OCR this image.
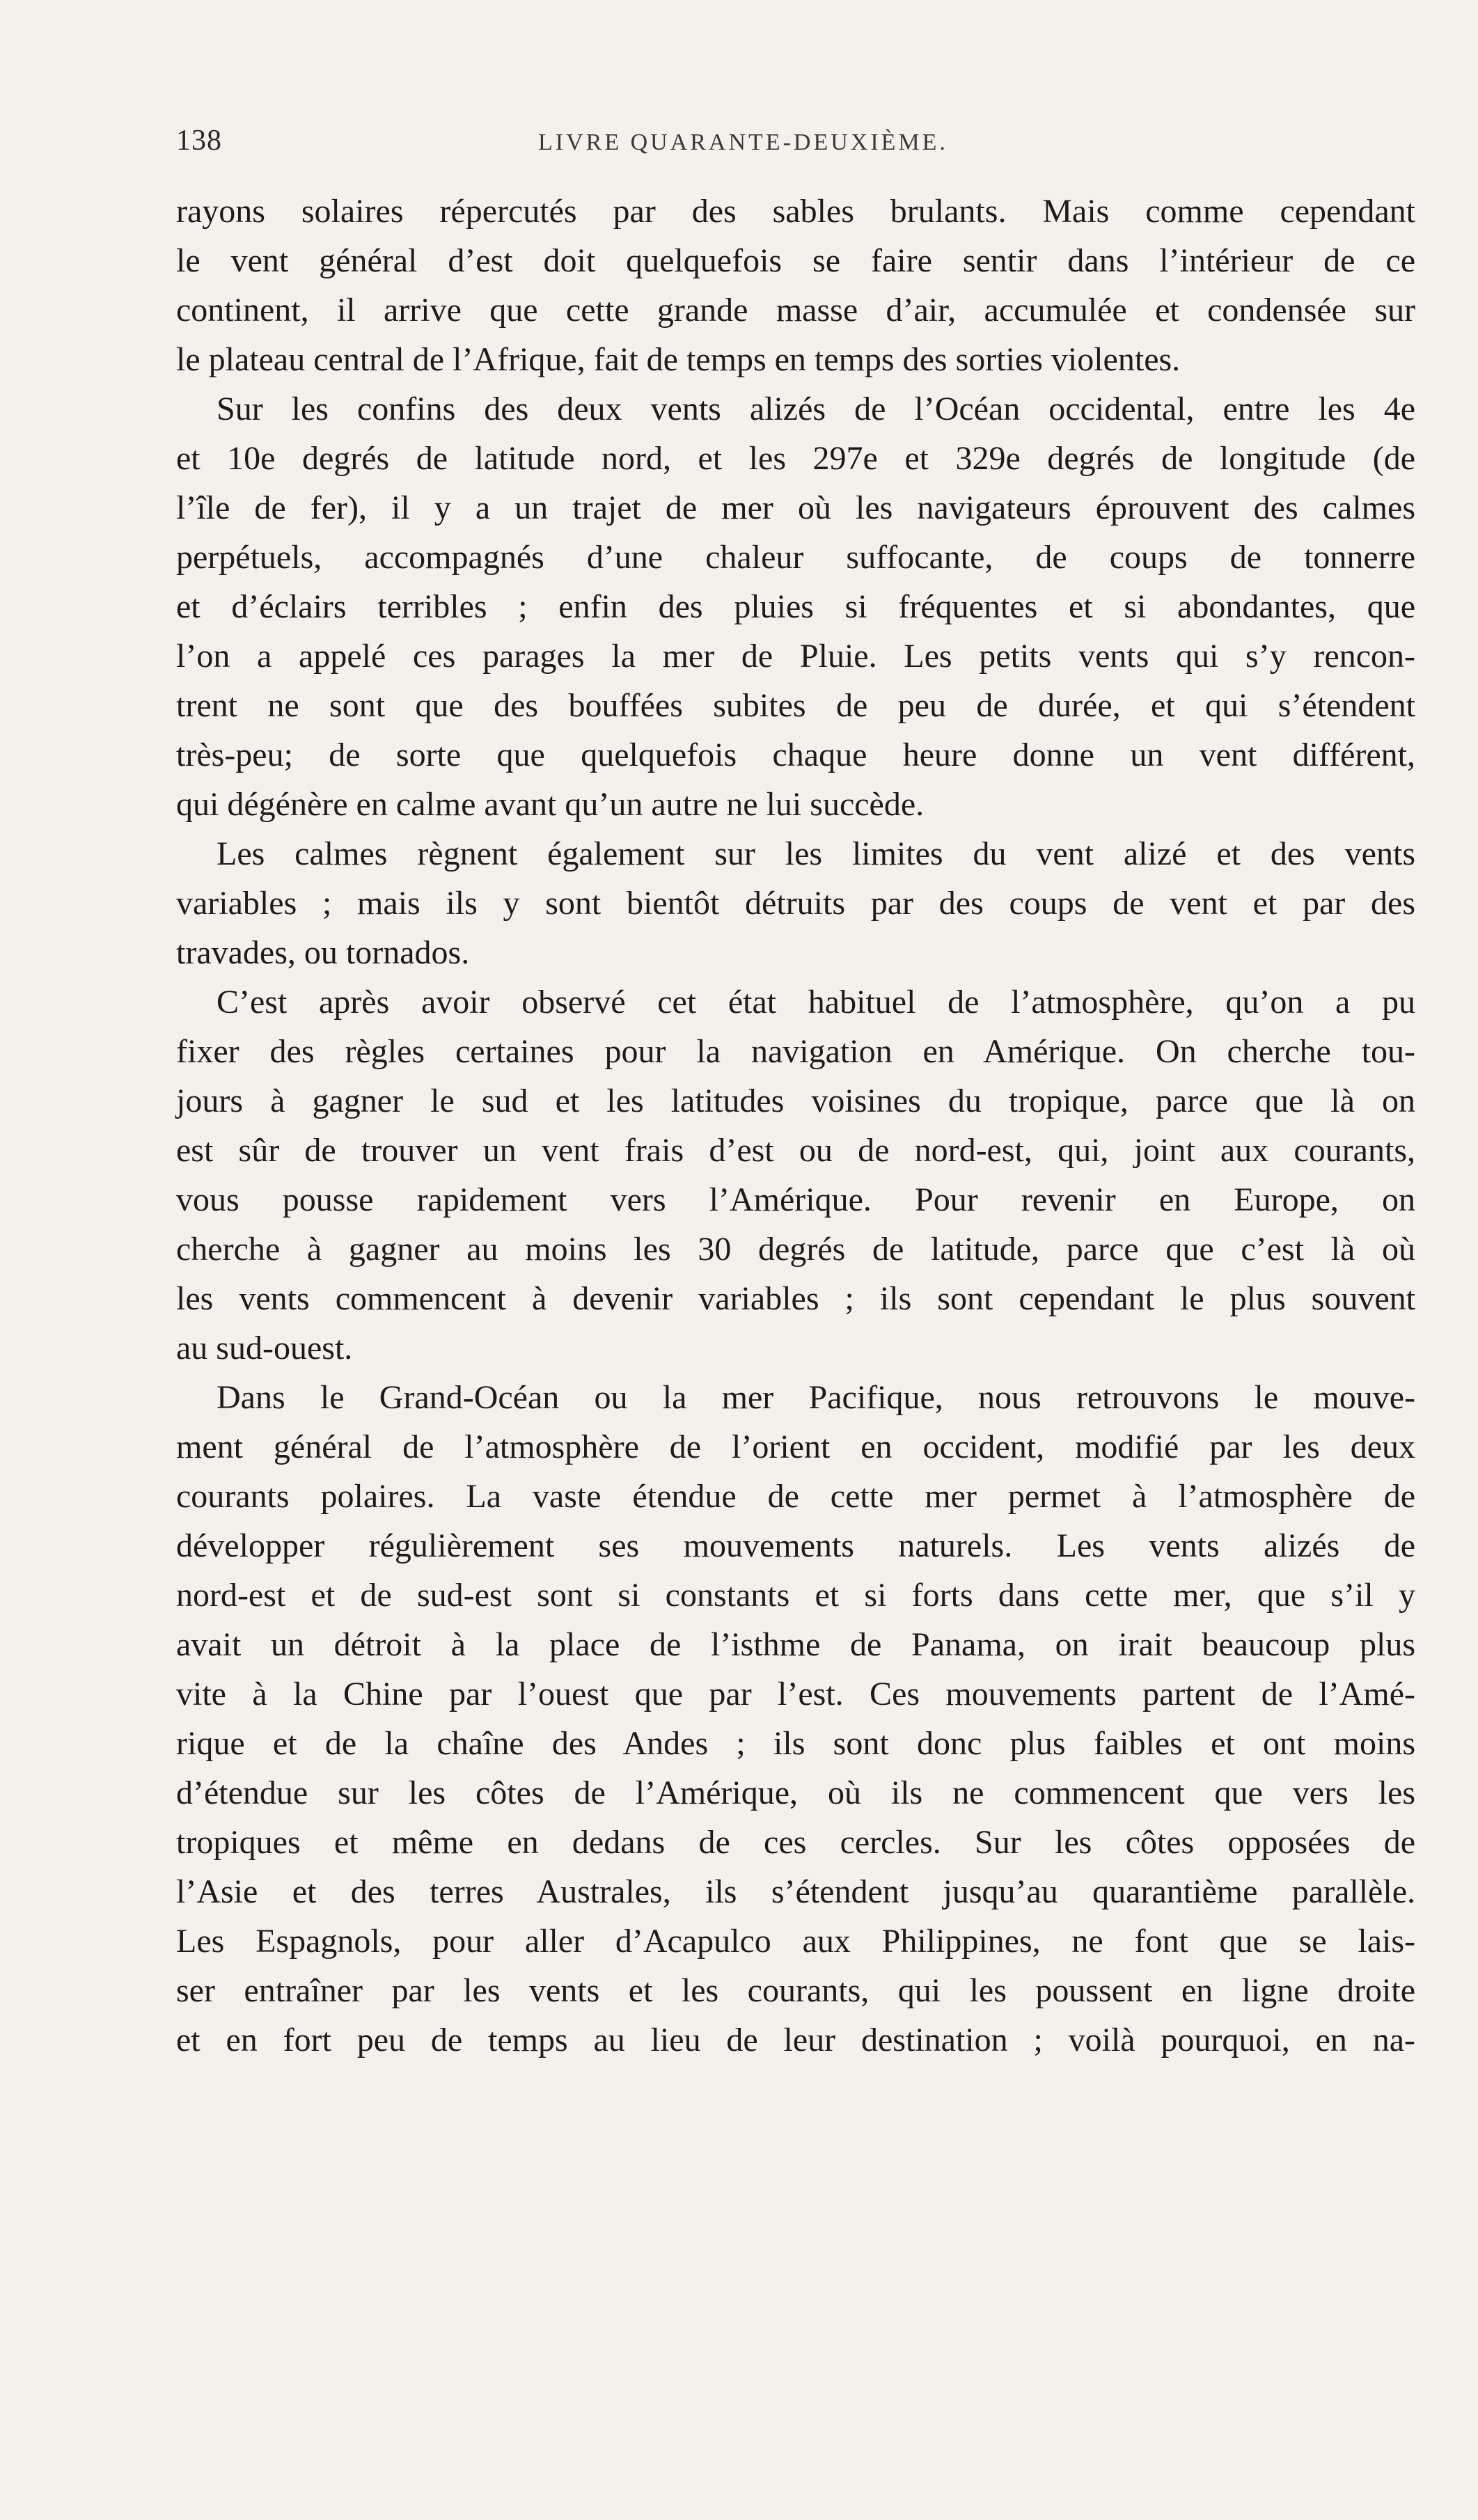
138	LIVRE QUARANTE-DEUXIÈME.
rayons solaires répercutés par des sables brulants. Mais comme cependant
le vent général d’est doit quelquefois se faire sentir dans l’intérieur de ce
continent, il arrive que cette grande masse d’air, accumulée et condensée sur
le plateau central de l’Afrique, fait de temps en temps des sorties violentes.
Sur les confins des deux vents alizés de l’Océan occidental, entre les 4e
et 10e degrés de latitude nord, et les 297e et 329e degrés de longitude (de
l’île de fer), il y a un trajet de mer où les navigateurs éprouvent des calmes
perpétuels, accompagnés d’une chaleur suffocante, de coups de tonnerre
et d’éclairs terribles ; enfin des pluies si fréquentes et si abondantes, que
l’on a appelé ces parages la mer de Pluie. Les petits vents qui s’y rencon-
trent ne sont que des bouffées subites de peu de durée, et qui s’étendent
très-peu; de sorte que quelquefois chaque heure donne un vent différent,
qui dégénère en calme avant qu’un autre ne lui succède.
Les calmes règnent également sur les limites du vent alizé et des vents
variables ; mais ils y sont bientôt détruits par des coups de vent et par des
travades, ou tornados.
C’est après avoir observé cet état habituel de l’atmosphère, qu’on a pu
fixer des règles certaines pour la navigation en Amérique. On cherche tou-
jours à gagner le sud et les latitudes voisines du tropique, parce que là on
est sûr de trouver un vent frais d’est ou de nord-est, qui, joint aux courants,
vous pousse rapidement vers l’Amérique. Pour revenir en Europe, on
cherche à gagner au moins les 30 degrés de latitude, parce que c’est là où
les vents commencent à devenir variables ; ils sont cependant le plus souvent
au sud-ouest.
Dans le Grand-Océan ou la mer Pacifique, nous retrouvons le mouve-
ment général de l’atmosphère de l’orient en occident, modifié par les deux
courants polaires. La vaste étendue de cette mer permet à l’atmosphère de
développer régulièrement ses mouvements naturels. Les vents alizés de
nord-est et de sud-est sont si constants et si forts dans cette mer, que s’il y
avait un détroit à la place de l’isthme de Panama, on irait beaucoup plus
vite à la Chine par l’ouest que par l’est. Ces mouvements partent de l’Amé-
rique et de la chaîne des Andes ; ils sont donc plus faibles et ont moins
d’étendue sur les côtes de l’Amérique, où ils ne commencent que vers les
tropiques et même en dedans de ces cercles. Sur les côtes opposées de
l’Asie et des terres Australes, ils s’étendent jusqu’au quarantième parallèle.
Les Espagnols, pour aller d’Acapulco aux Philippines, ne font que se lais-
ser entraîner par les vents et les courants, qui les poussent en ligne droite
et en fort peu de temps au lieu de leur destination ; voilà pourquoi, en na-
